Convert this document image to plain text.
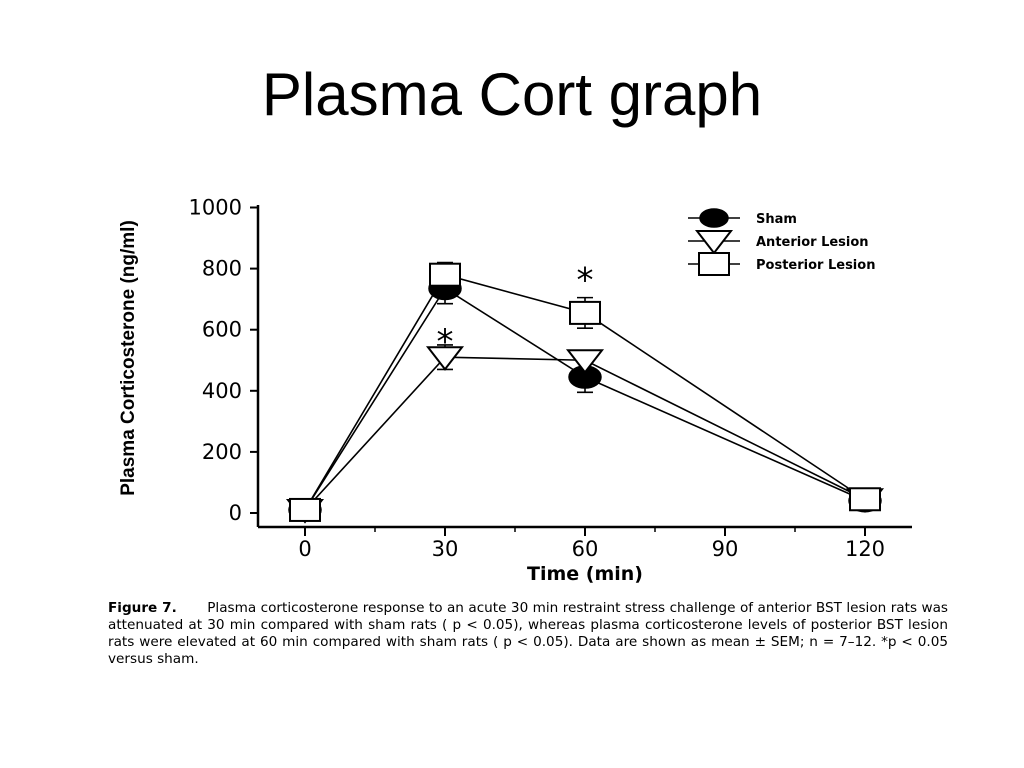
Plasma Cort graph
0
200
400
600
800
1000
0	30	60	90	120
Time (min)
Plasma Corticosterone (ng/ml)	*
*
Sham
Anterior Lesion
Posterior Lesion
Figure 7. Plasma corticosterone response to an acute 30 min restraint stress challenge of anterior BST lesion rats was attenuated at 30 min compared with sham rats ( p < 0.05), whereas plasma corticosterone levels of posterior BST lesion rats were elevated at 60 min compared with sham rats ( p < 0.05). Data are shown as mean ± SEM; n = 7–12. *p < 0.05 versus sham.
